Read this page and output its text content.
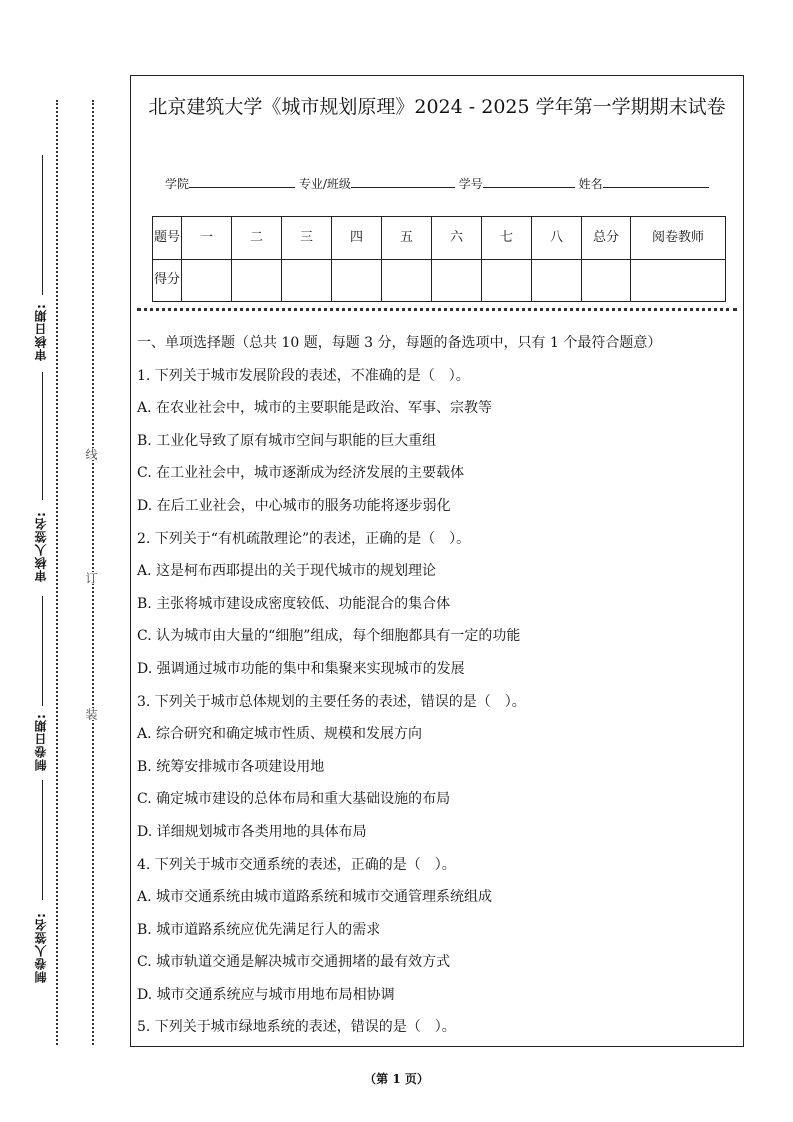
审核日期:
审核人签名:
制卷日期:
制卷人签名:
线
订
装
北京建筑大学《城市规划原理》2024 - 2025 学年第一学期期末试卷
学院	专业/班级	学号	姓名
题号	一	二	三	四	五	六	七	八	总分	阅卷教师
得分										
一、单项选择题（总共 10 题，每题 3 分，每题的备选项中，只有 1 个最符合题意）
1. 下列关于城市发展阶段的表述，不准确的是（　）。
A. 在农业社会中，城市的主要职能是政治、军事、宗教等
B. 工业化导致了原有城市空间与职能的巨大重组
C. 在工业社会中，城市逐渐成为经济发展的主要载体
D. 在后工业社会，中心城市的服务功能将逐步弱化
2. 下列关于“有机疏散理论”的表述，正确的是（　）。
A. 这是柯布西耶提出的关于现代城市的规划理论
B. 主张将城市建设成密度较低、功能混合的集合体
C. 认为城市由大量的“细胞”组成，每个细胞都具有一定的功能
D. 强调通过城市功能的集中和集聚来实现城市的发展
3. 下列关于城市总体规划的主要任务的表述，错误的是（　）。
A. 综合研究和确定城市性质、规模和发展方向
B. 统筹安排城市各项建设用地
C. 确定城市建设的总体布局和重大基础设施的布局
D. 详细规划城市各类用地的具体布局
4. 下列关于城市交通系统的表述，正确的是（　）。
A. 城市交通系统由城市道路系统和城市交通管理系统组成
B. 城市道路系统应优先满足行人的需求
C. 城市轨道交通是解决城市交通拥堵的最有效方式
D. 城市交通系统应与城市用地布局相协调
5. 下列关于城市绿地系统的表述，错误的是（　）。
（第 1 页）
